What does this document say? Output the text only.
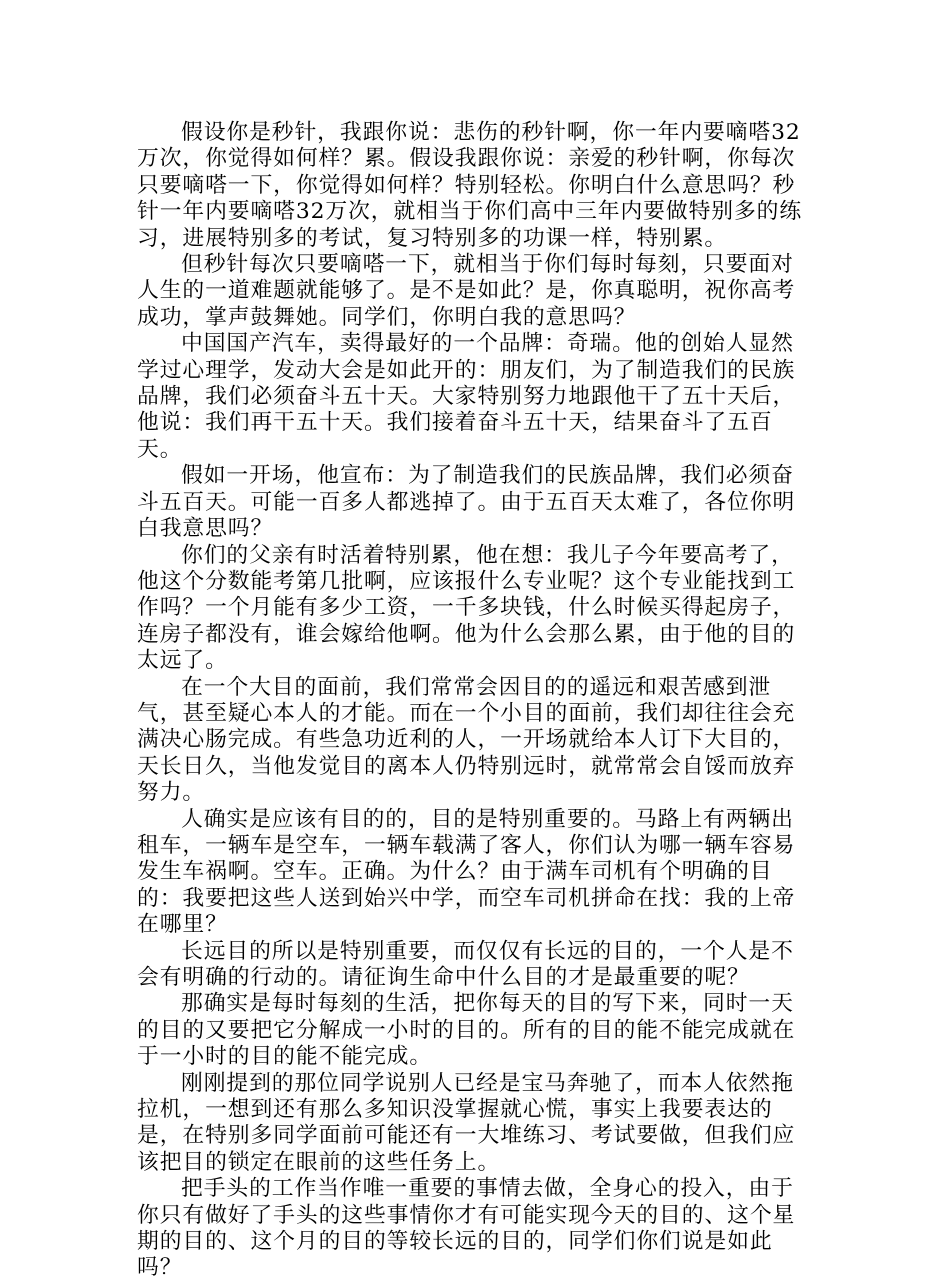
假设你是秒针，我跟你说：悲伤的秒针啊，你一年内要嘀嗒32万次，你觉得如何样？累。假设我跟你说：亲爱的秒针啊，你每次只要嘀嗒一下，你觉得如何样？特别轻松。你明白什么意思吗？秒针一年内要嘀嗒32万次，就相当于你们高中三年内要做特别多的练习，进展特别多的考试，复习特别多的功课一样，特别累。

但秒针每次只要嘀嗒一下，就相当于你们每时每刻，只要面对人生的一道难题就能够了。是不是如此？是，你真聪明，祝你高考成功，掌声鼓舞她。同学们，你明白我的意思吗？

中国国产汽车，卖得最好的一个品牌：奇瑞。他的创始人显然学过心理学，发动大会是如此开的：朋友们，为了制造我们的民族品牌，我们必须奋斗五十天。大家特别努力地跟他干了五十天后，他说：我们再干五十天。我们接着奋斗五十天，结果奋斗了五百天。

假如一开场，他宣布：为了制造我们的民族品牌，我们必须奋斗五百天。可能一百多人都逃掉了。由于五百天太难了，各位你明白我意思吗？

你们的父亲有时活着特别累，他在想：我儿子今年要高考了，他这个分数能考第几批啊，应该报什么专业呢？这个专业能找到工作吗？一个月能有多少工资，一千多块钱，什么时候买得起房子，连房子都没有，谁会嫁给他啊。他为什么会那么累，由于他的目的太远了。

在一个大目的面前，我们常常会因目的的遥远和艰苦感到泄气，甚至疑心本人的才能。而在一个小目的面前，我们却往往会充满决心肠完成。有些急功近利的人，一开场就给本人订下大目的，天长日久，当他发觉目的离本人仍特别远时，就常常会自馁而放弃努力。

人确实是应该有目的的，目的是特别重要的。马路上有两辆出租车，一辆车是空车，一辆车载满了客人，你们认为哪一辆车容易发生车祸啊。空车。正确。为什么？由于满车司机有个明确的目的：我要把这些人送到始兴中学，而空车司机拼命在找：我的上帝在哪里？

长远目的所以是特别重要，而仅仅有长远的目的，一个人是不会有明确的行动的。请征询生命中什么目的才是最重要的呢？

那确实是每时每刻的生活，把你每天的目的写下来，同时一天的目的又要把它分解成一小时的目的。所有的目的能不能完成就在于一小时的目的能不能完成。

刚刚提到的那位同学说别人已经是宝马奔驰了，而本人依然拖拉机，一想到还有那么多知识没掌握就心慌，事实上我要表达的是，在特别多同学面前可能还有一大堆练习、考试要做，但我们应该把目的锁定在眼前的这些任务上。

把手头的工作当作唯一重要的事情去做，全身心的投入，由于你只有做好了手头的这些事情你才有可能实现今天的目的、这个星期的目的、这个月的目的等较长远的目的，同学们你们说是如此吗？
